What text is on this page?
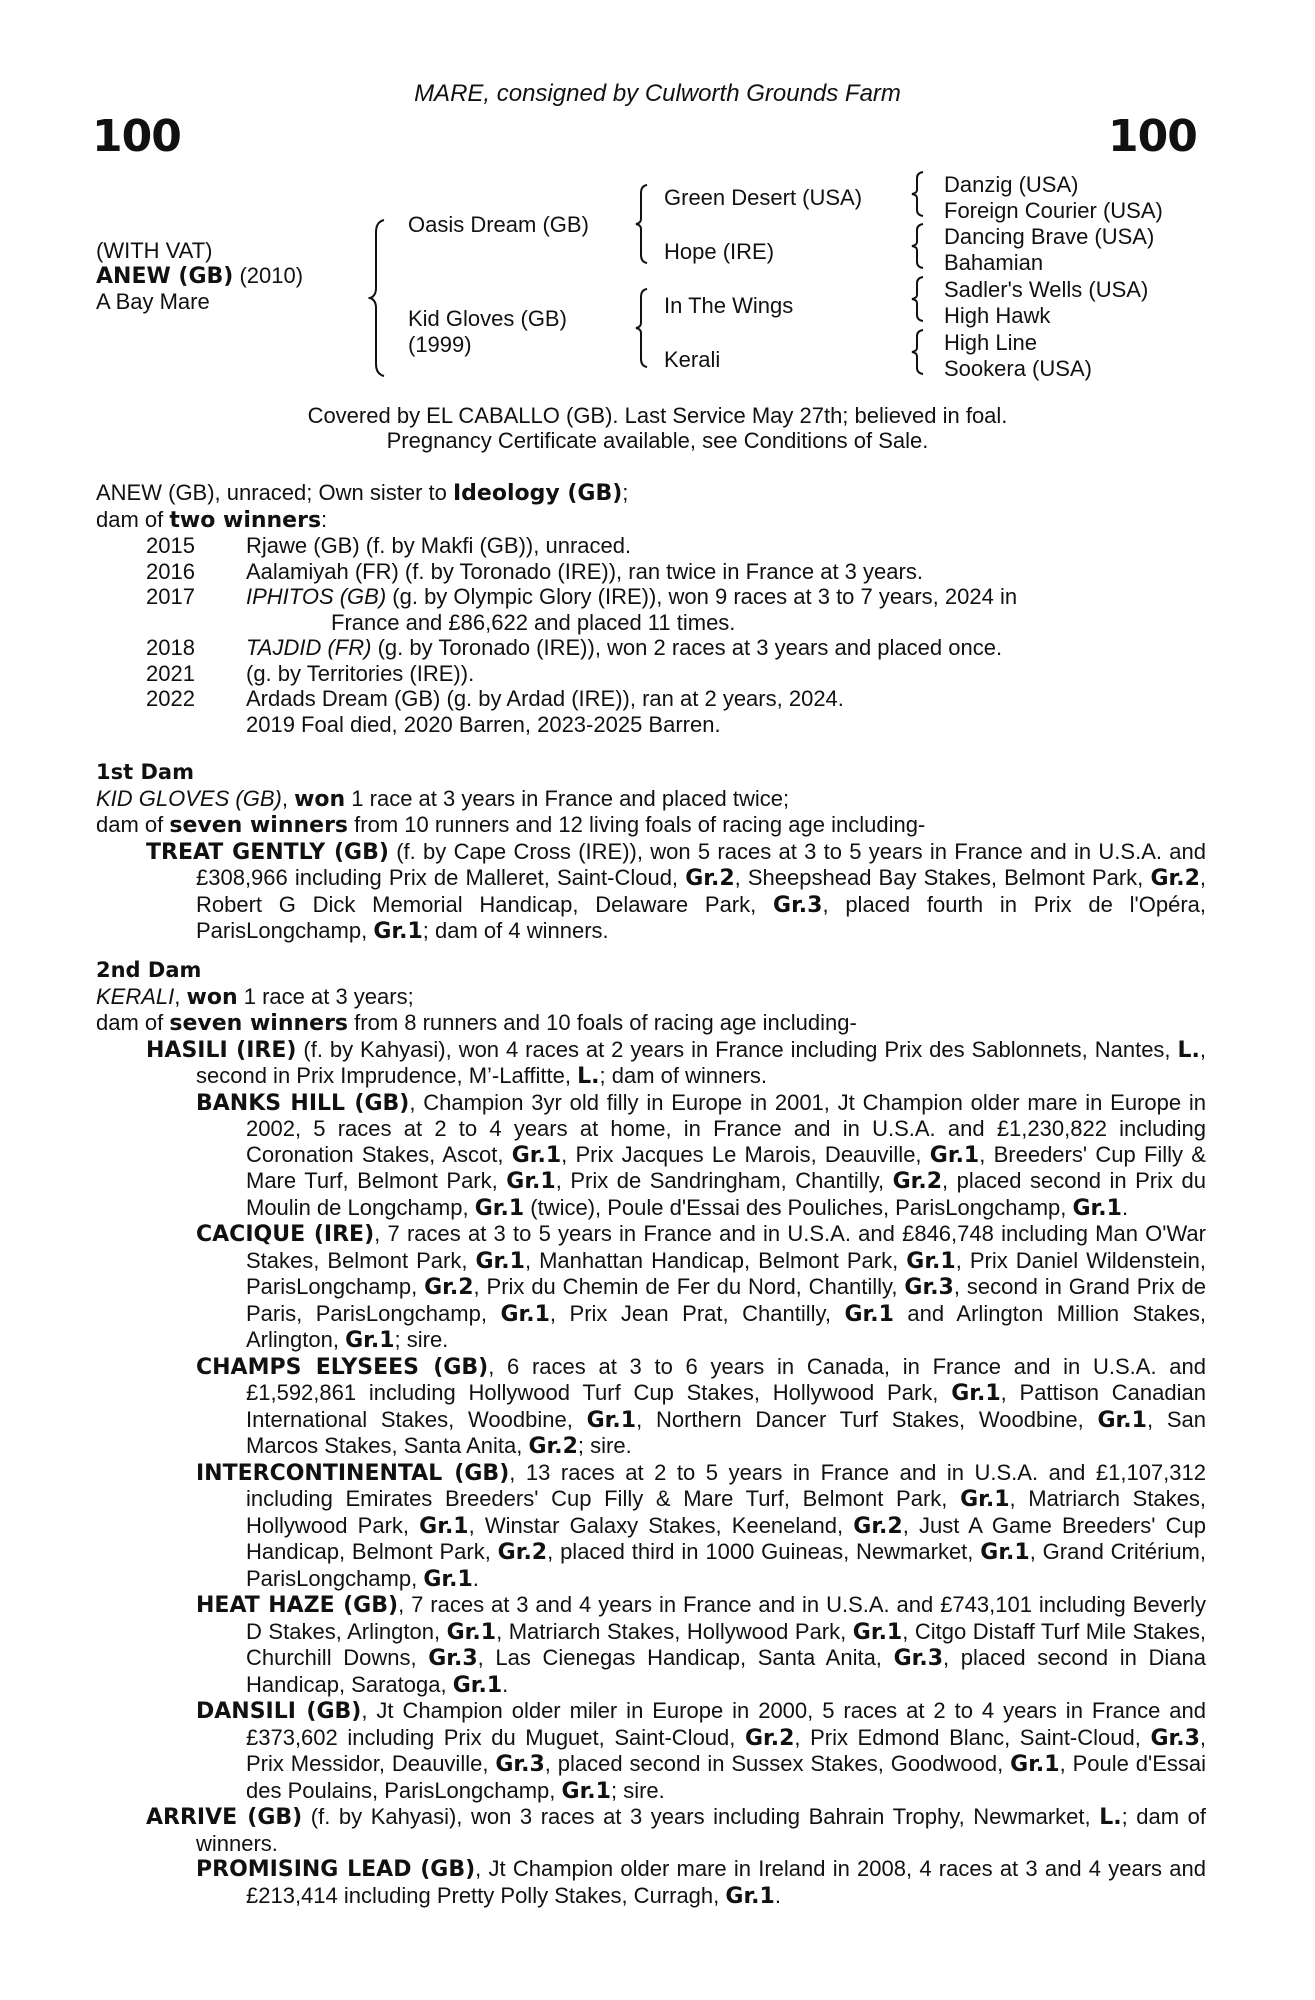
MARE, consigned by Culworth Grounds Farm
100	100
(WITH VAT)
ANEW (GB) (2010)
A Bay Mare
Oasis Dream (GB)
Kid Gloves (GB)
(1999)
Green Desert (USA)
Hope (IRE)
In The Wings
Kerali
Danzig (USA)
Foreign Courier (USA)
Dancing Brave (USA)
Bahamian
Sadler's Wells (USA)
High Hawk
High Line
Sookera (USA)
Covered by EL CABALLO (GB). Last Service May 27th; believed in foal.
Pregnancy Certificate available, see Conditions of Sale.
ANEW (GB), unraced; Own sister to Ideology (GB);
dam of two winners:
2015 Rjawe (GB) (f. by Makfi (GB)), unraced.
2016 Aalamiyah (FR) (f. by Toronado (IRE)), ran twice in France at 3 years.
2017 IPHITOS (GB) (g. by Olympic Glory (IRE)), won 9 races at 3 to 7 years, 2024 in
France and £86,622 and placed 11 times.
2018 TAJDID (FR) (g. by Toronado (IRE)), won 2 races at 3 years and placed once.
2021 (g. by Territories (IRE)).
2022 Ardads Dream (GB) (g. by Ardad (IRE)), ran at 2 years, 2024.
2019 Foal died, 2020 Barren, 2023-2025 Barren.
1st Dam
KID GLOVES (GB), won 1 race at 3 years in France and placed twice;
dam of seven winners from 10 runners and 12 living foals of racing age including-

TREAT GENTLY (GB) (f. by Cape Cross (IRE)), won 5 races at 3 to 5 years in France and in U.S.A. and £308,966 including Prix de Malleret, Saint-Cloud, Gr.2, Sheepshead Bay Stakes, Belmont Park, Gr.2, Robert G Dick Memorial Handicap, Delaware Park, Gr.3, placed fourth in Prix de l'Opéra, ParisLongchamp, Gr.1; dam of 4 winners.

2nd Dam
KERALI, won 1 race at 3 years;
dam of seven winners from 8 runners and 10 foals of racing age including-

HASILI (IRE) (f. by Kahyasi), won 4 races at 2 years in France including Prix des Sablonnets, Nantes, L., second in Prix Imprudence, M’-Laffitte, L.; dam of winners.

BANKS HILL (GB), Champion 3yr old filly in Europe in 2001, Jt Champion older mare in Europe in 2002, 5 races at 2 to 4 years at home, in France and in U.S.A. and £1,230,822 including Coronation Stakes, Ascot, Gr.1, Prix Jacques Le Marois, Deauville, Gr.1, Breeders' Cup Filly & Mare Turf, Belmont Park, Gr.1, Prix de Sandringham, Chantilly, Gr.2, placed second in Prix du Moulin de Longchamp, Gr.1 (twice), Poule d'Essai des Pouliches, ParisLongchamp, Gr.1.

CACIQUE (IRE), 7 races at 3 to 5 years in France and in U.S.A. and £846,748 including Man O'War Stakes, Belmont Park, Gr.1, Manhattan Handicap, Belmont Park, Gr.1, Prix Daniel Wildenstein, ParisLongchamp, Gr.2, Prix du Chemin de Fer du Nord, Chantilly, Gr.3, second in Grand Prix de Paris, ParisLongchamp, Gr.1, Prix Jean Prat, Chantilly, Gr.1 and Arlington Million Stakes, Arlington, Gr.1; sire.

CHAMPS ELYSEES (GB), 6 races at 3 to 6 years in Canada, in France and in U.S.A. and £1,592,861 including Hollywood Turf Cup Stakes, Hollywood Park, Gr.1, Pattison Canadian International Stakes, Woodbine, Gr.1, Northern Dancer Turf Stakes, Woodbine, Gr.1, San Marcos Stakes, Santa Anita, Gr.2; sire.

INTERCONTINENTAL (GB), 13 races at 2 to 5 years in France and in U.S.A. and £1,107,312 including Emirates Breeders' Cup Filly & Mare Turf, Belmont Park, Gr.1, Matriarch Stakes, Hollywood Park, Gr.1, Winstar Galaxy Stakes, Keeneland, Gr.2, Just A Game Breeders' Cup Handicap, Belmont Park, Gr.2, placed third in 1000 Guineas, Newmarket, Gr.1, Grand Critérium, ParisLongchamp, Gr.1.

HEAT HAZE (GB), 7 races at 3 and 4 years in France and in U.S.A. and £743,101 including Beverly D Stakes, Arlington, Gr.1, Matriarch Stakes, Hollywood Park, Gr.1, Citgo Distaff Turf Mile Stakes, Churchill Downs, Gr.3, Las Cienegas Handicap, Santa Anita, Gr.3, placed second in Diana Handicap, Saratoga, Gr.1.

DANSILI (GB), Jt Champion older miler in Europe in 2000, 5 races at 2 to 4 years in France and £373,602 including Prix du Muguet, Saint-Cloud, Gr.2, Prix Edmond Blanc, Saint-Cloud, Gr.3, Prix Messidor, Deauville, Gr.3, placed second in Sussex Stakes, Goodwood, Gr.1, Poule d'Essai des Poulains, ParisLongchamp, Gr.1; sire.

ARRIVE (GB) (f. by Kahyasi), won 3 races at 3 years including Bahrain Trophy, Newmarket, L.; dam of winners.

PROMISING LEAD (GB), Jt Champion older mare in Ireland in 2008, 4 races at 3 and 4 years and £213,414 including Pretty Polly Stakes, Curragh, Gr.1.
